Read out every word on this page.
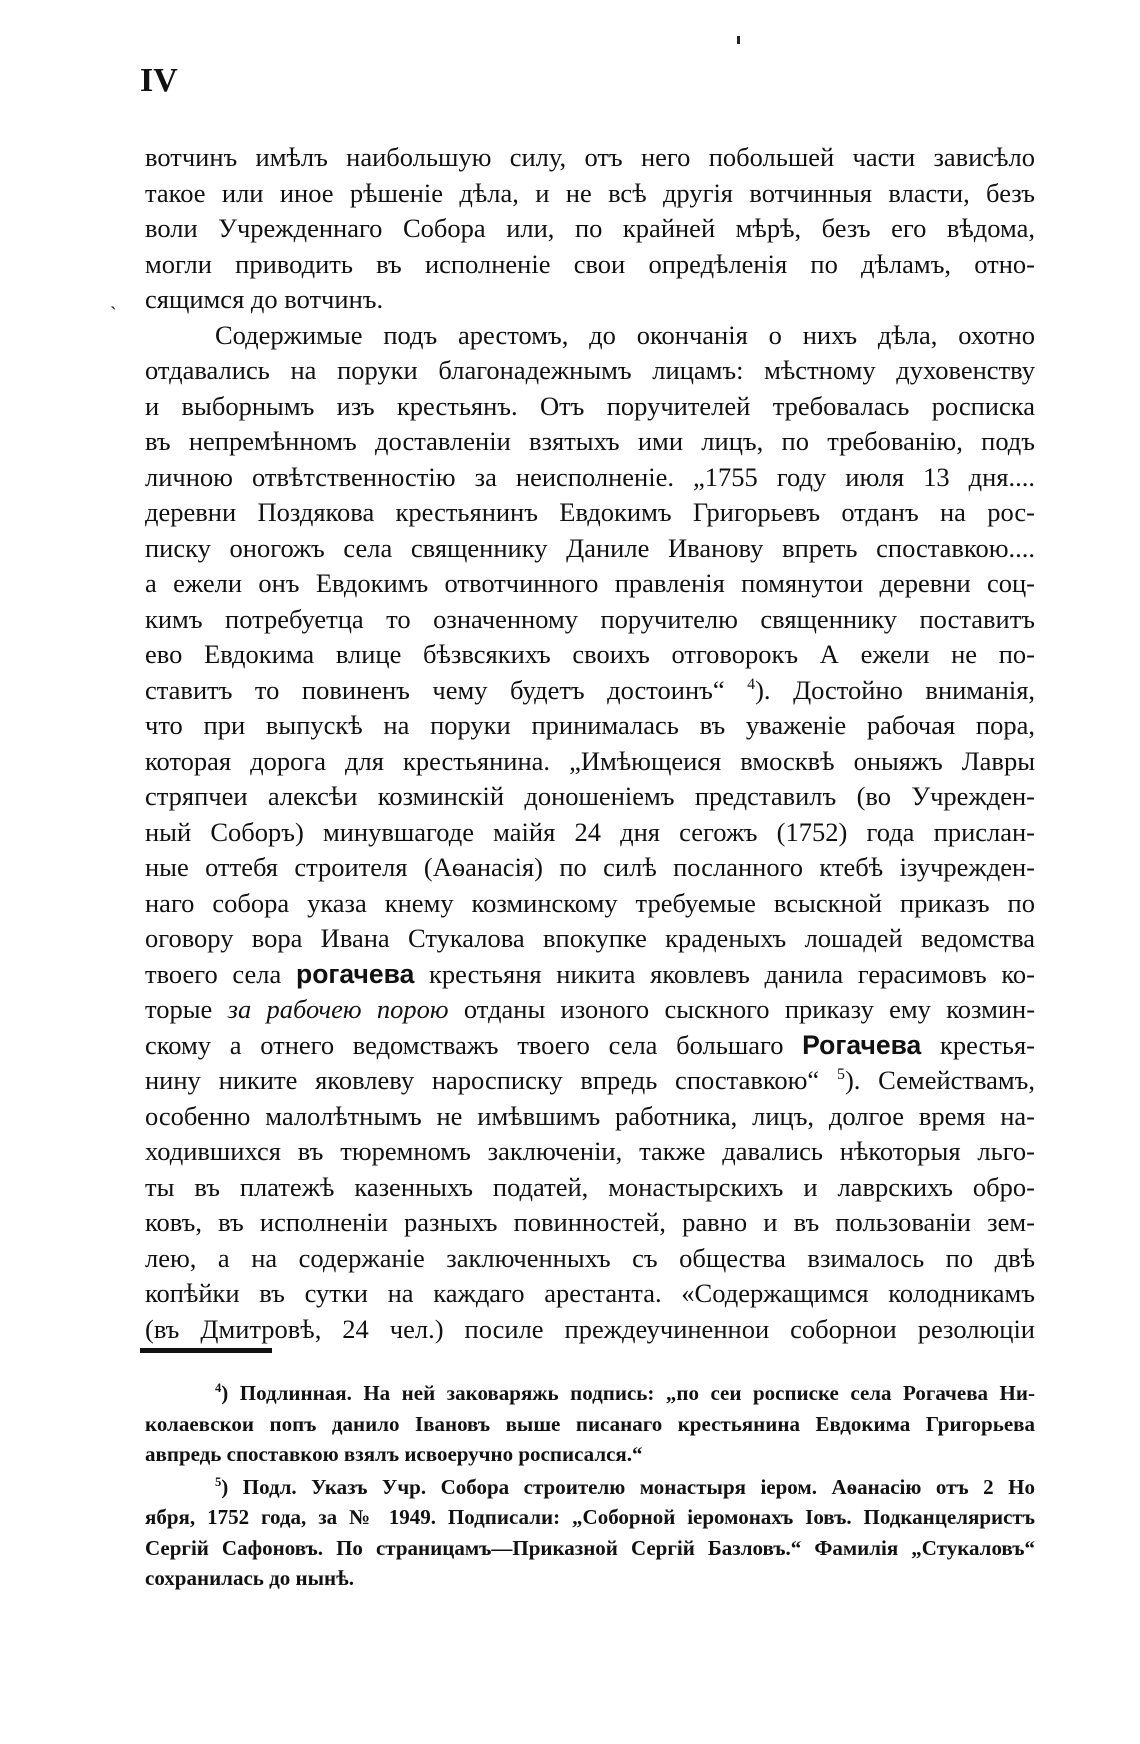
IV
ˎ
вотчинъ имѣлъ наибольшую силу, отъ него побольшей части зависѣло
такое или иное рѣшеніе дѣла, и не всѣ другія вотчинныя власти, безъ
воли Учрежденнаго Собора или, по крайней мѣрѣ, безъ его вѣдома,
могли приводить въ исполненіе свои опредѣленія по дѣламъ, отно-
сящимся до вотчинъ.
Содержимые подъ арестомъ, до окончанія о нихъ дѣла, охотно
отдавались на поруки благонадежнымъ лицамъ: мѣстному духовенству
и выборнымъ изъ крестьянъ. Отъ поручителей требовалась росписка
въ непремѣнномъ доставленіи взятыхъ ими лицъ, по требованію, подъ
личною отвѣтственностію за неисполненіе. „1755 году июля 13 дня....
деревни Поздякова крестьянинъ Евдокимъ Григорьевъ отданъ на рос-
писку оногожъ села священнику Даниле Иванову впреть споставкою....
а ежели онъ Евдокимъ отвотчинного правленія помянутои деревни соц-
кимъ потребуетца то означенному поручителю священнику поставитъ
ево Евдокима влице бѣзвсякихъ своихъ отговорокъ А ежели не по-
ставитъ то повиненъ чему будетъ достоинъ“ $^4$). Достойно вниманія,
что при выпускѣ на поруки принималась въ уваженіе рабочая пора,
которая дорога для крестьянина. „Имѣющеися вмосквѣ оныяжъ Лавры
стряпчеи алексѣи козминскій доношеніемъ представилъ (во Учрежден-
ный Соборъ) минувшагоде маійя 24 дня сегожъ (1752) года прислан-
ные оттебя строителя (Аѳанасія) по силѣ посланного ктебѣ ізучрежден-
наго собора указа кнему козминскому требуемые всыскной приказъ по
оговору вора Ивана Стукалова впокупке краденыхъ лошадей ведомства
твоего села рогачева крестьяня никита яковлевъ данила герасимовъ ко-
торые за рабочею порою отданы изоного сыскного приказу ему козмин-
скому а отнего ведомстважъ твоего села большаго Рогачева крестья-
нину никите яковлеву наросписку впредь споставкою“ $^5$). Семействамъ,
особенно малолѣтнымъ не имѣвшимъ работника, лицъ, долгое время на-
ходившихся въ тюремномъ заключеніи, также давались нѣкоторыя льго-
ты въ платежѣ казенныхъ податей, монастырскихъ и лаврскихъ обро-
ковъ, въ исполненіи разныхъ повинностей, равно и въ пользованіи зем-
лею, а на содержаніе заключенныхъ съ общества взималось по двѣ
копѣйки въ сутки на каждаго арестанта. «Содержащимся колодникамъ
(въ Дмитровѣ, 24 чел.) посиле преждеучиненнои соборнои резолюціи
$^4$) Подлинная. На ней заковаряжь подпись: „по сеи росписке села Рогачева Ни-
колаевскои попъ данило Івановъ выше писанаго крестьянина Евдокима Григорьева
авпредь споставкою взялъ исвоеручно росписался.“
$^5$) Подл. Указъ Учр. Собора строителю монастыря іером. Аѳанасію отъ 2 Но
ября, 1752 года, за № 1949. Подписали: „Соборной іеромонахъ Іовъ. Подканцеляристъ
Сергій Сафоновъ. По страницамъ—Приказной Сергій Базловъ.“ Фамилія „Стукаловъ“
сохранилась до нынѣ.
